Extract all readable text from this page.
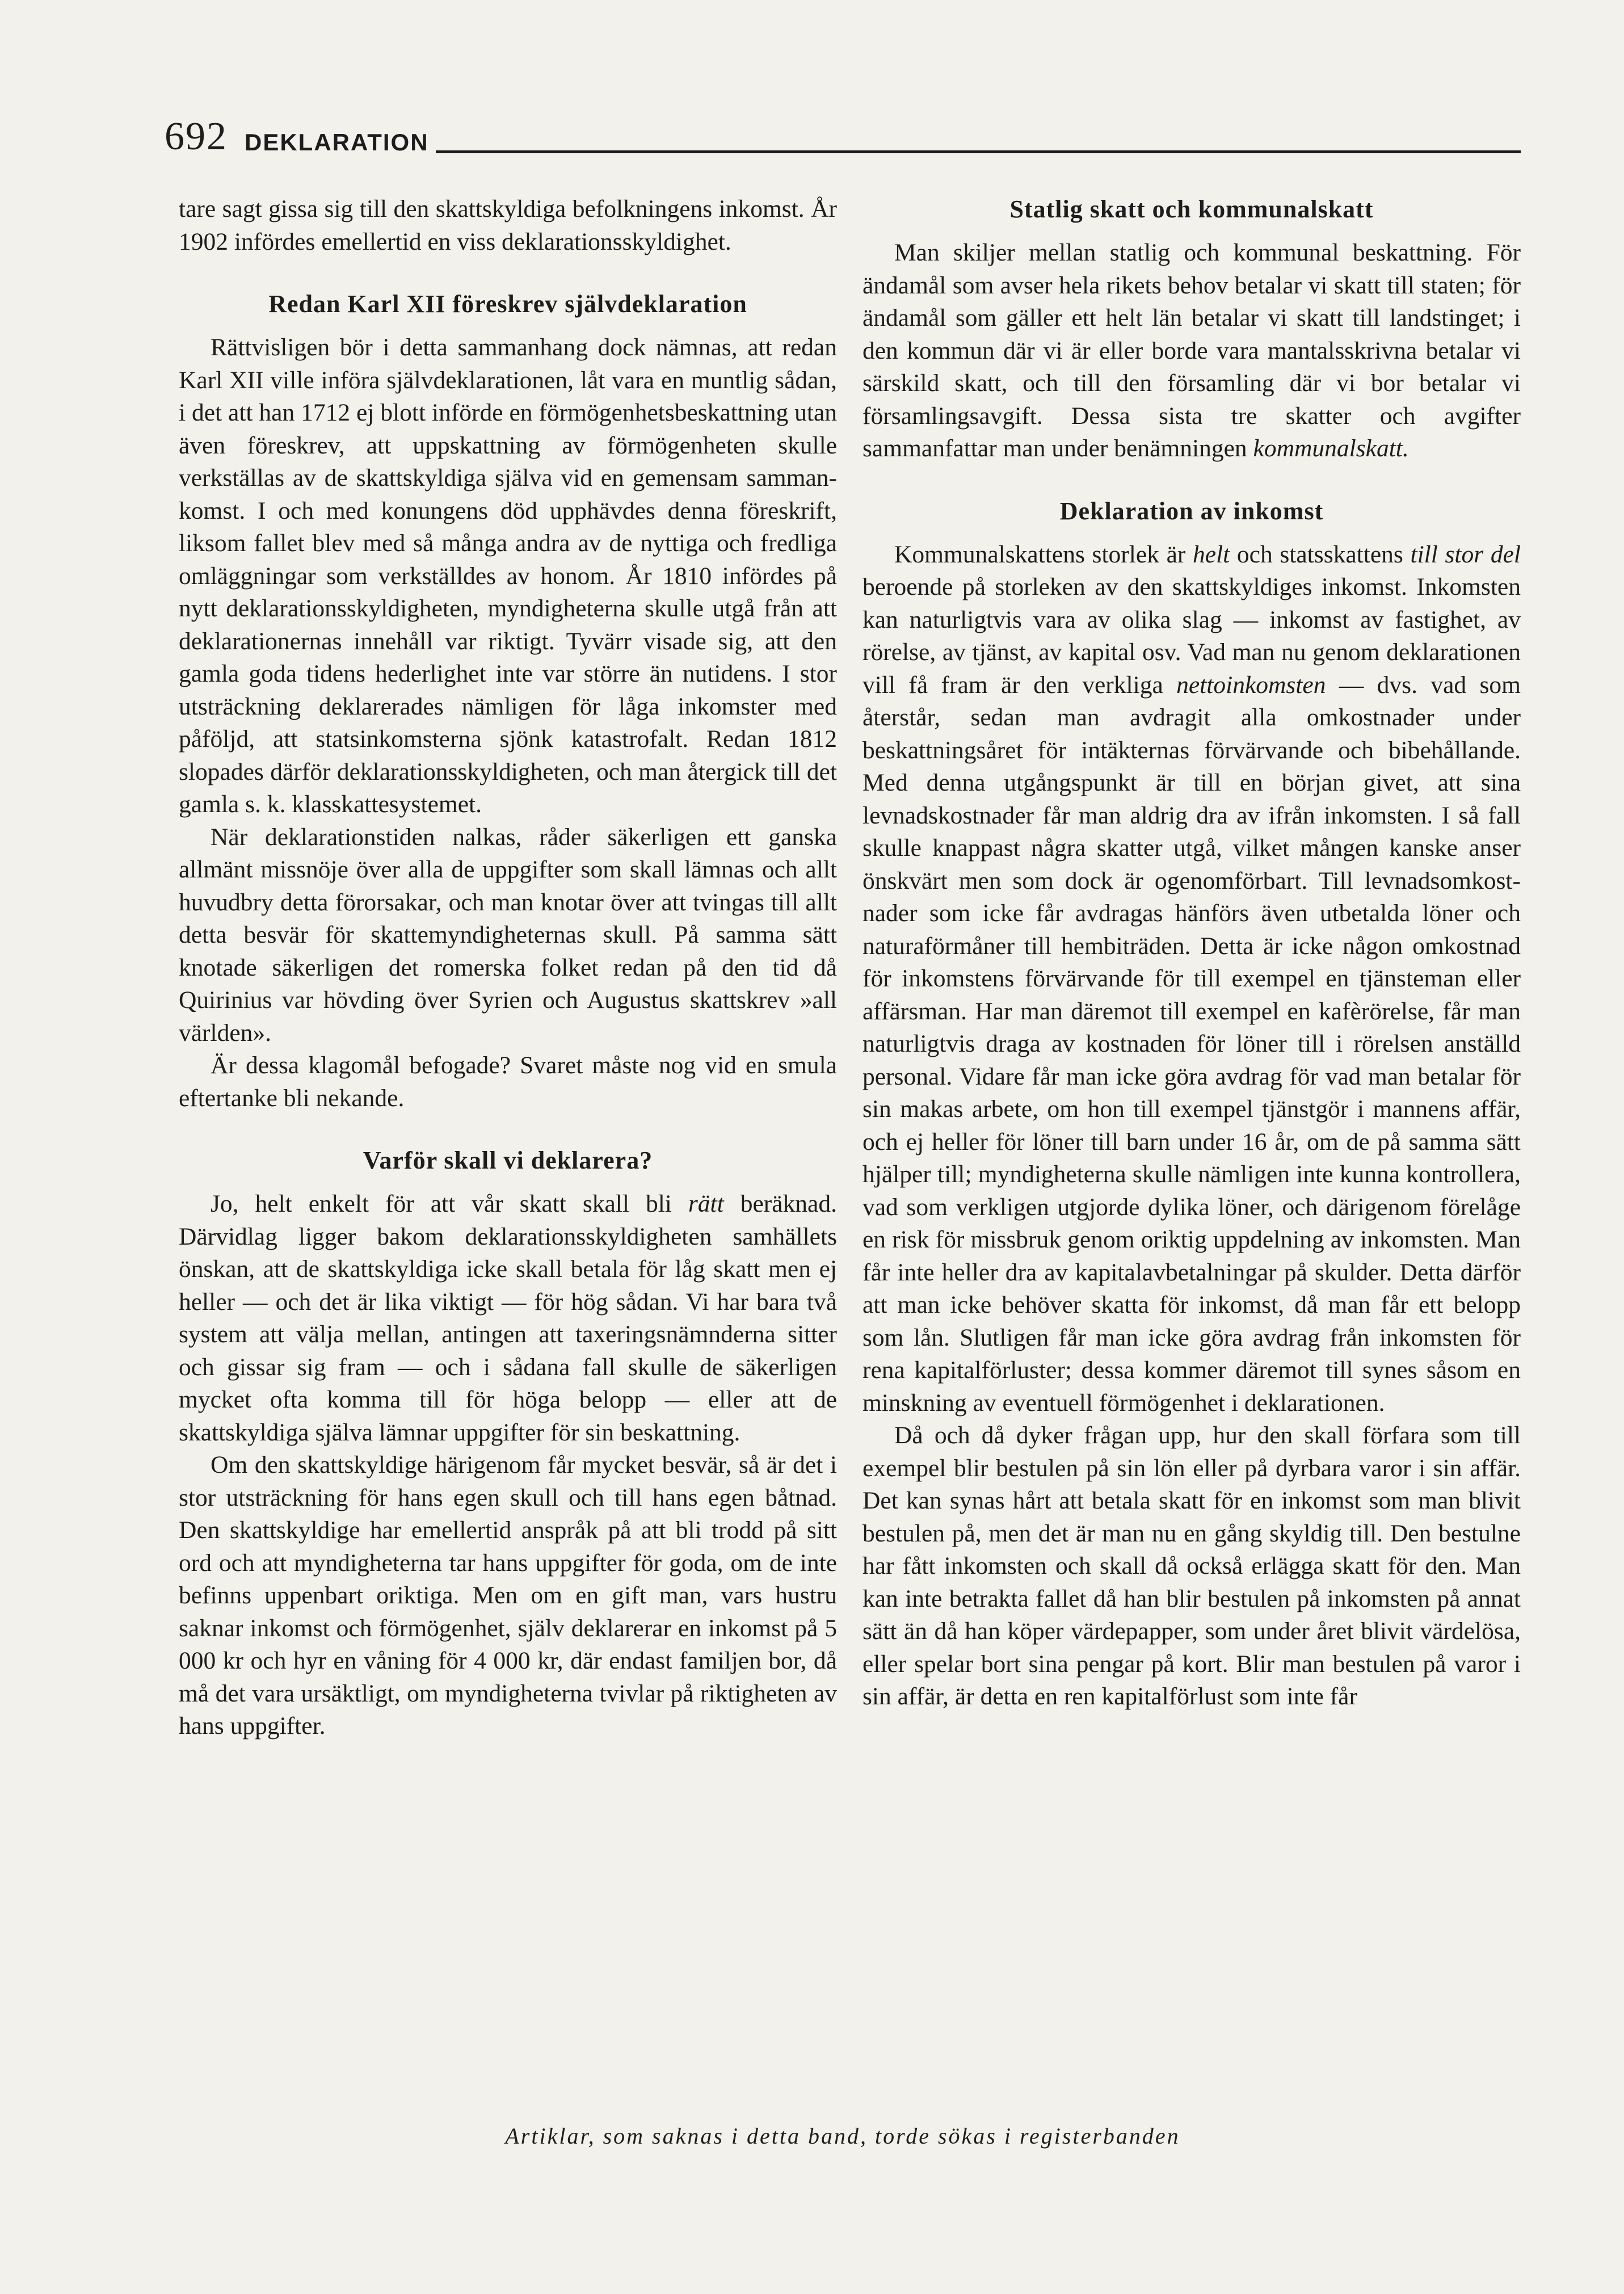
692 DEKLARATION

tare sagt gissa sig till den skattskyldiga befolkningens inkomst. År 1902 infördes emellertid en viss deklarationsskyldighet.

Redan Karl XII föreskrev självdeklaration

Rättvisligen bör i detta sammanhang dock nämnas, att redan Karl XII ville införa självdeklarationen, låt vara en muntlig sådan, i det att han 1712 ej blott införde en förmögenhetsbeskattning utan även föreskrev, att uppskattning av förmögenheten skulle verkställas av de skattskyldiga själva vid en gemensam sammankomst. I och med konungens död upphävdes denna föreskrift, liksom fallet blev med så många andra av de nyttiga och fredliga omläggningar som verkställdes av honom. År 1810 infördes på nytt deklarationsskyldigheten, myndigheterna skulle utgå från att deklarationernas innehåll var riktigt. Tyvärr visade sig, att den gamla goda tidens hederlighet inte var större än nutidens. I stor utsträckning deklarerades nämligen för låga inkomster med påföljd, att statsinkomsterna sjönk katastrofalt. Redan 1812 slopades därför deklarationsskyldigheten, och man återgick till det gamla s. k. klasskattesystemet.

När deklarationstiden nalkas, råder säkerligen ett ganska allmänt missnöje över alla de uppgifter som skall lämnas och allt huvudbry detta förorsakar, och man knotar över att tvingas till allt detta besvär för skattemyndigheternas skull. På samma sätt knotade säkerligen det romerska folket redan på den tid då Quirinius var hövding över Syrien och Augustus skattskrev »all världen».

Är dessa klagomål befogade? Svaret måste nog vid en smula eftertanke bli nekande.

Varför skall vi deklarera?

Jo, helt enkelt för att vår skatt skall bli rätt beräknad. Därvidlag ligger bakom deklarationsskyldigheten samhällets önskan, att de skattskyldiga icke skall betala för låg skatt men ej heller — och det är lika viktigt — för hög sådan. Vi har bara två system att välja mellan, antingen att taxeringsnämnderna sitter och gissar sig fram — och i sådana fall skulle de säkerligen mycket ofta komma till för höga belopp — eller att de skattskyldiga själva lämnar uppgifter för sin beskattning.

Om den skattskyldige härigenom får mycket besvär, så är det i stor utsträckning för hans egen skull och till hans egen båtnad. Den skattskyldige har emellertid anspråk på att bli trodd på sitt ord och att myndigheterna tar hans uppgifter för goda, om de inte befinns uppenbart oriktiga. Men om en gift man, vars hustru saknar inkomst och förmögenhet, själv deklarerar en inkomst på 5 000 kr och hyr en våning för 4 000 kr, där endast familjen bor, då må det vara ursäktligt, om myndigheterna tvivlar på riktigheten av hans uppgifter.

Statlig skatt och kommunalskatt

Man skiljer mellan statlig och kommunal beskattning. För ändamål som avser hela rikets behov betalar vi skatt till staten; för ändamål som gäller ett helt län betalar vi skatt till landstinget; i den kommun där vi är eller borde vara mantalsskrivna betalar vi särskild skatt, och till den församling där vi bor betalar vi församlingsavgift. Dessa sista tre skatter och avgifter sammanfattar man under benämningen kommunalskatt.

Deklaration av inkomst

Kommunalskattens storlek är helt och statsskattens till stor del beroende på storleken av den skattskyldiges inkomst. Inkomsten kan naturligtvis vara av olika slag — inkomst av fastighet, av rörelse, av tjänst, av kapital osv. Vad man nu genom deklarationen vill få fram är den verkliga nettoinkomsten — dvs. vad som återstår, sedan man avdragit alla omkostnader under beskattningsåret för intäkternas förvärvande och bibehållande. Med denna utgångspunkt är till en början givet, att sina levnadskostnader får man aldrig dra av ifrån inkomsten. I så fall skulle knappast några skatter utgå, vilket mången kanske anser önskvärt men som dock är ogenomförbart. Till levnadsomkostnader som icke får avdragas hänförs även utbetalda löner och naturaförmåner till hembiträden. Detta är icke någon omkostnad för inkomstens förvärvande för till exempel en tjänsteman eller affärsman. Har man däremot till exempel en kafèrörelse, får man naturligtvis draga av kostnaden för löner till i rörelsen anställd personal. Vidare får man icke göra avdrag för vad man betalar för sin makas arbete, om hon till exempel tjänstgör i mannens affär, och ej heller för löner till barn under 16 år, om de på samma sätt hjälper till; myndigheterna skulle nämligen inte kunna kontrollera, vad som verkligen utgjorde dylika löner, och därigenom förelåge en risk för missbruk genom oriktig uppdelning av inkomsten. Man får inte heller dra av kapitalavbetalningar på skulder. Detta därför att man icke behöver skatta för inkomst, då man får ett belopp som lån. Slutligen får man icke göra avdrag från inkomsten för rena kapitalförluster; dessa kommer däremot till synes såsom en minskning av eventuell förmögenhet i deklarationen.

Då och då dyker frågan upp, hur den skall förfara som till exempel blir bestulen på sin lön eller på dyrbara varor i sin affär. Det kan synas hårt att betala skatt för en inkomst som man blivit bestulen på, men det är man nu en gång skyldig till. Den bestulne har fått inkomsten och skall då också erlägga skatt för den. Man kan inte betrakta fallet då han blir bestulen på inkomsten på annat sätt än då han köper värdepapper, som under året blivit värdelösa, eller spelar bort sina pengar på kort. Blir man bestulen på varor i sin affär, är detta en ren kapitalförlust som inte får

Artiklar, som saknas i detta band, torde sökas i registerbanden
